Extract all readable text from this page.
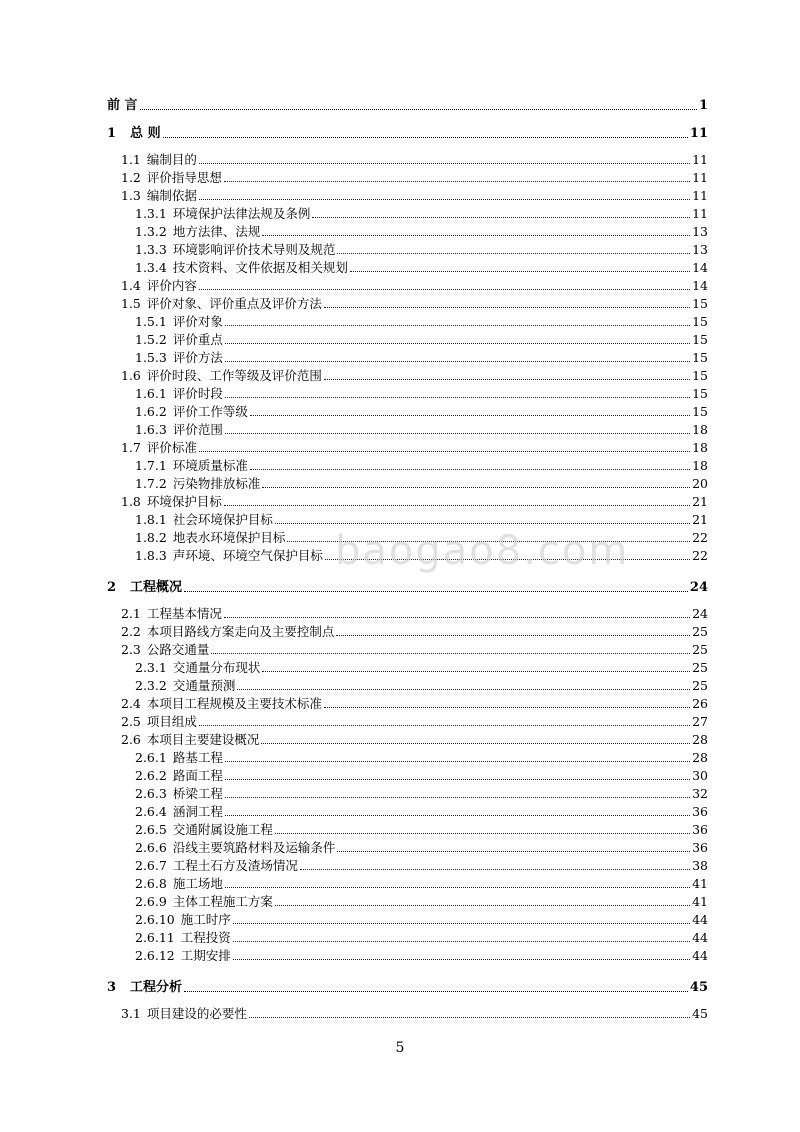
前 言	1
1 总 则	11
1.1 编制目的	11
1.2 评价指导思想	11
1.3 编制依据	11
1.3.1 环境保护法律法规及条例	11
1.3.2 地方法律、法规	13
1.3.3 环境影响评价技术导则及规范	13
1.3.4 技术资料、文件依据及相关规划	14
1.4 评价内容	14
1.5 评价对象、评价重点及评价方法	15
1.5.1 评价对象	15
1.5.2 评价重点	15
1.5.3 评价方法	15
1.6 评价时段、工作等级及评价范围	15
1.6.1 评价时段	15
1.6.2 评价工作等级	15
1.6.3 评价范围	18
1.7 评价标准	18
1.7.1 环境质量标准	18
1.7.2 污染物排放标准	20
1.8 环境保护目标	21
1.8.1 社会环境保护目标	21
1.8.2 地表水环境保护目标	22
1.8.3 声环境、环境空气保护目标	22
2 工程概况	24
2.1 工程基本情况	24
2.2 本项目路线方案走向及主要控制点	25
2.3 公路交通量	25
2.3.1 交通量分布现状	25
2.3.2 交通量预测	25
2.4 本项目工程规模及主要技术标准	26
2.5 项目组成	27
2.6 本项目主要建设概况	28
2.6.1 路基工程	28
2.6.2 路面工程	30
2.6.3 桥梁工程	32
2.6.4 涵洞工程	36
2.6.5 交通附属设施工程	36
2.6.6 沿线主要筑路材料及运输条件	36
2.6.7 工程土石方及渣场情况	38
2.6.8 施工场地	41
2.6.9 主体工程施工方案	41
2.6.10 施工时序	44
2.6.11 工程投资	44
2.6.12 工期安排	44
3 工程分析	45
3.1 项目建设的必要性	45
baogao8.com
5
